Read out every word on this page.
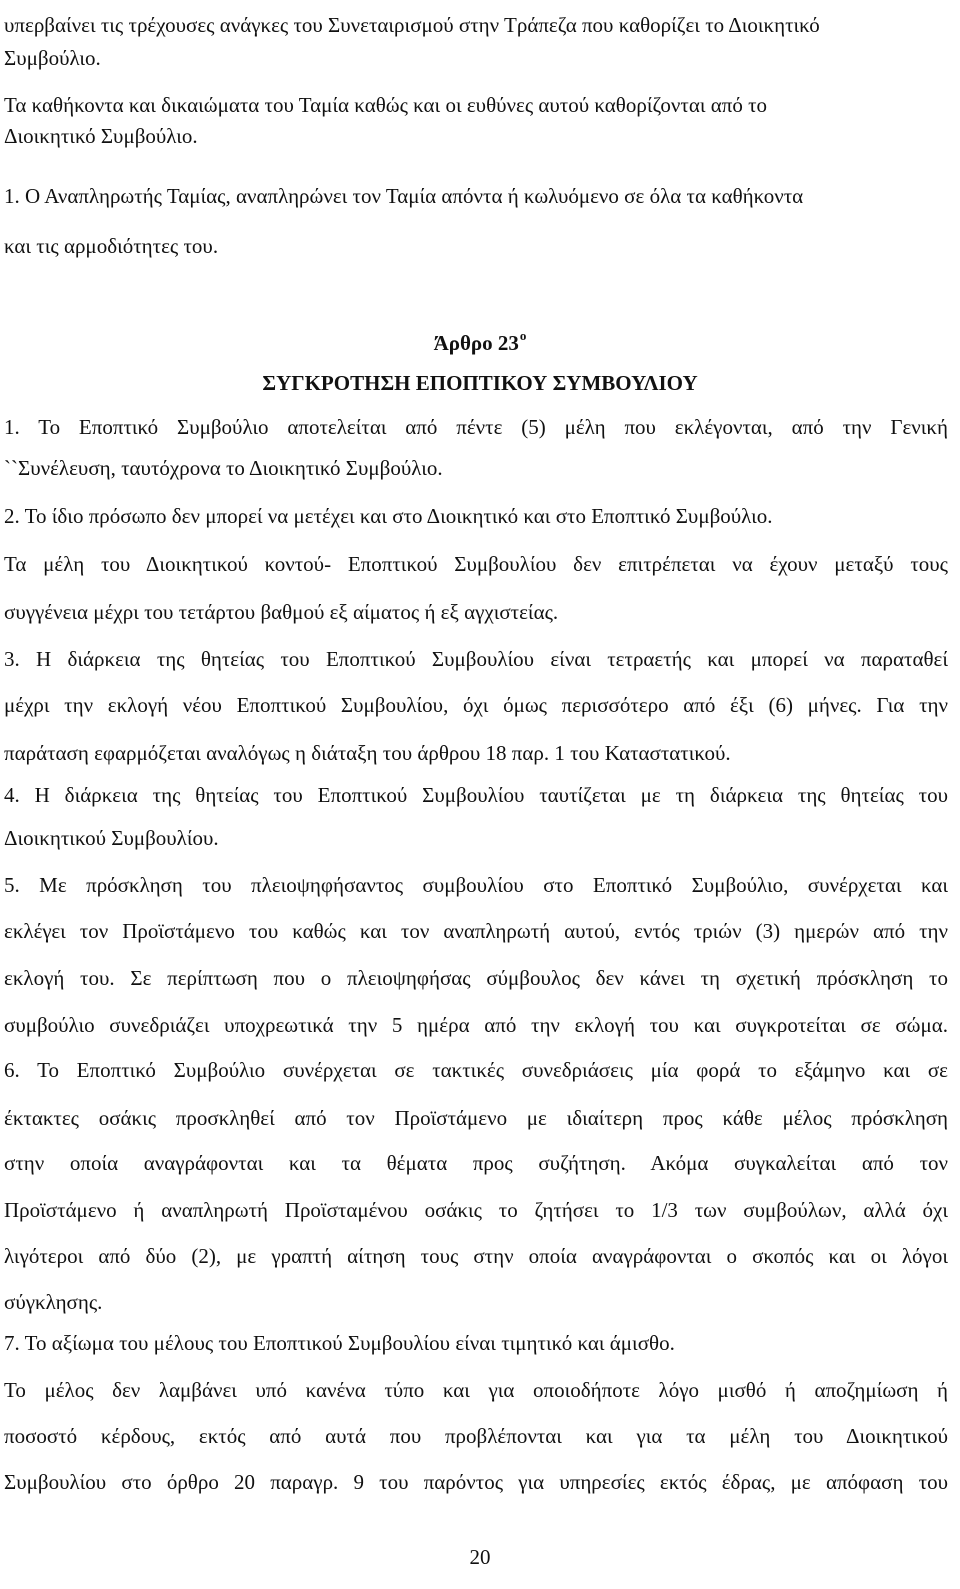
υπερβαίνει τις τρέχουσες ανάγκες του Συνεταιρισμού στην Τράπεζα που καθορίζει το Διοικητικό
Συμβούλιο.
Τα καθήκοντα και δικαιώματα του Ταμία καθώς και οι ευθύνες αυτού καθορίζονται από το
Διοικητικό Συμβούλιο.
1. Ο Αναπληρωτής Ταμίας, αναπληρώνει τον Ταμία απόντα ή κωλυόμενο σε όλα τα καθήκοντα
και τις αρμοδιότητες του.
Άρθρο $23^o$
ΣΥΓΚΡΟΤΗΣΗ ΕΠΟΠΤΙΚΟΥ ΣΥΜΒΟΥΛΙΟΥ
1. Το Εποπτικό Συμβούλιο αποτελείται από πέντε (5) μέλη που εκλέγονται, από την Γενική
``Συνέλευση, ταυτόχρονα το Διοικητικό Συμβούλιο.
2. Το ίδιο πρόσωπο δεν μπορεί να μετέχει και στο Διοικητικό και στο Εποπτικό Συμβούλιο.
Τα μέλη του Διοικητικού κοντού- Εποπτικού Συμβουλίου δεν επιτρέπεται να έχουν μεταξύ τους
συγγένεια μέχρι του τετάρτου βαθμού εξ αίματος ή εξ αγχιστείας.
3. Η διάρκεια της θητείας του Εποπτικού Συμβουλίου είναι τετραετής και μπορεί να παραταθεί
μέχρι την εκλογή νέου Εποπτικού Συμβουλίου, όχι όμως περισσότερο από έξι (6) μήνες. Για την
παράταση εφαρμόζεται αναλόγως η διάταξη του άρθρου 18 παρ. 1 του Καταστατικού.
4. Η διάρκεια της θητείας του Εποπτικού Συμβουλίου ταυτίζεται με τη διάρκεια της θητείας του
Διοικητικού Συμβουλίου.
5. Με πρόσκληση του πλειοψηφήσαντος συμβουλίου στο Εποπτικό Συμβούλιο, συνέρχεται και
εκλέγει τον Προϊστάμενο του καθώς και τον αναπληρωτή αυτού, εντός τριών (3) ημερών από την
εκλογή του. Σε περίπτωση που ο πλειοψηφήσας σύμβουλος δεν κάνει τη σχετική πρόσκληση το
συμβούλιο συνεδριάζει υποχρεωτικά την 5 ημέρα από την εκλογή του και συγκροτείται σε σώμα.
6. Το Εποπτικό Συμβούλιο συνέρχεται σε τακτικές συνεδριάσεις μία φορά το εξάμηνο και σε
έκτακτες οσάκις προσκληθεί από τον Προϊστάμενο με ιδιαίτερη προς κάθε μέλος πρόσκληση
στην οποία αναγράφονται και τα θέματα προς συζήτηση. Ακόμα συγκαλείται από τον
Προϊστάμενο ή αναπληρωτή Προϊσταμένου οσάκις το ζητήσει το 1/3 των συμβούλων, αλλά όχι
λιγότεροι από δύο (2), με γραπτή αίτηση τους στην οποία αναγράφονται ο σκοπός και οι λόγοι
σύγκλησης.
7. Το αξίωμα του μέλους του Εποπτικού Συμβουλίου είναι τιμητικό και άμισθο.
Το μέλος δεν λαμβάνει υπό κανένα τύπο και για οποιοδήποτε λόγο μισθό ή αποζημίωση ή
ποσοστό κέρδους, εκτός από αυτά που προβλέπονται και για τα μέλη του Διοικητικού
Συμβουλίου στο όρθρο 20 παραγρ. 9 του παρόντος για υπηρεσίες εκτός έδρας, με απόφαση του
20
